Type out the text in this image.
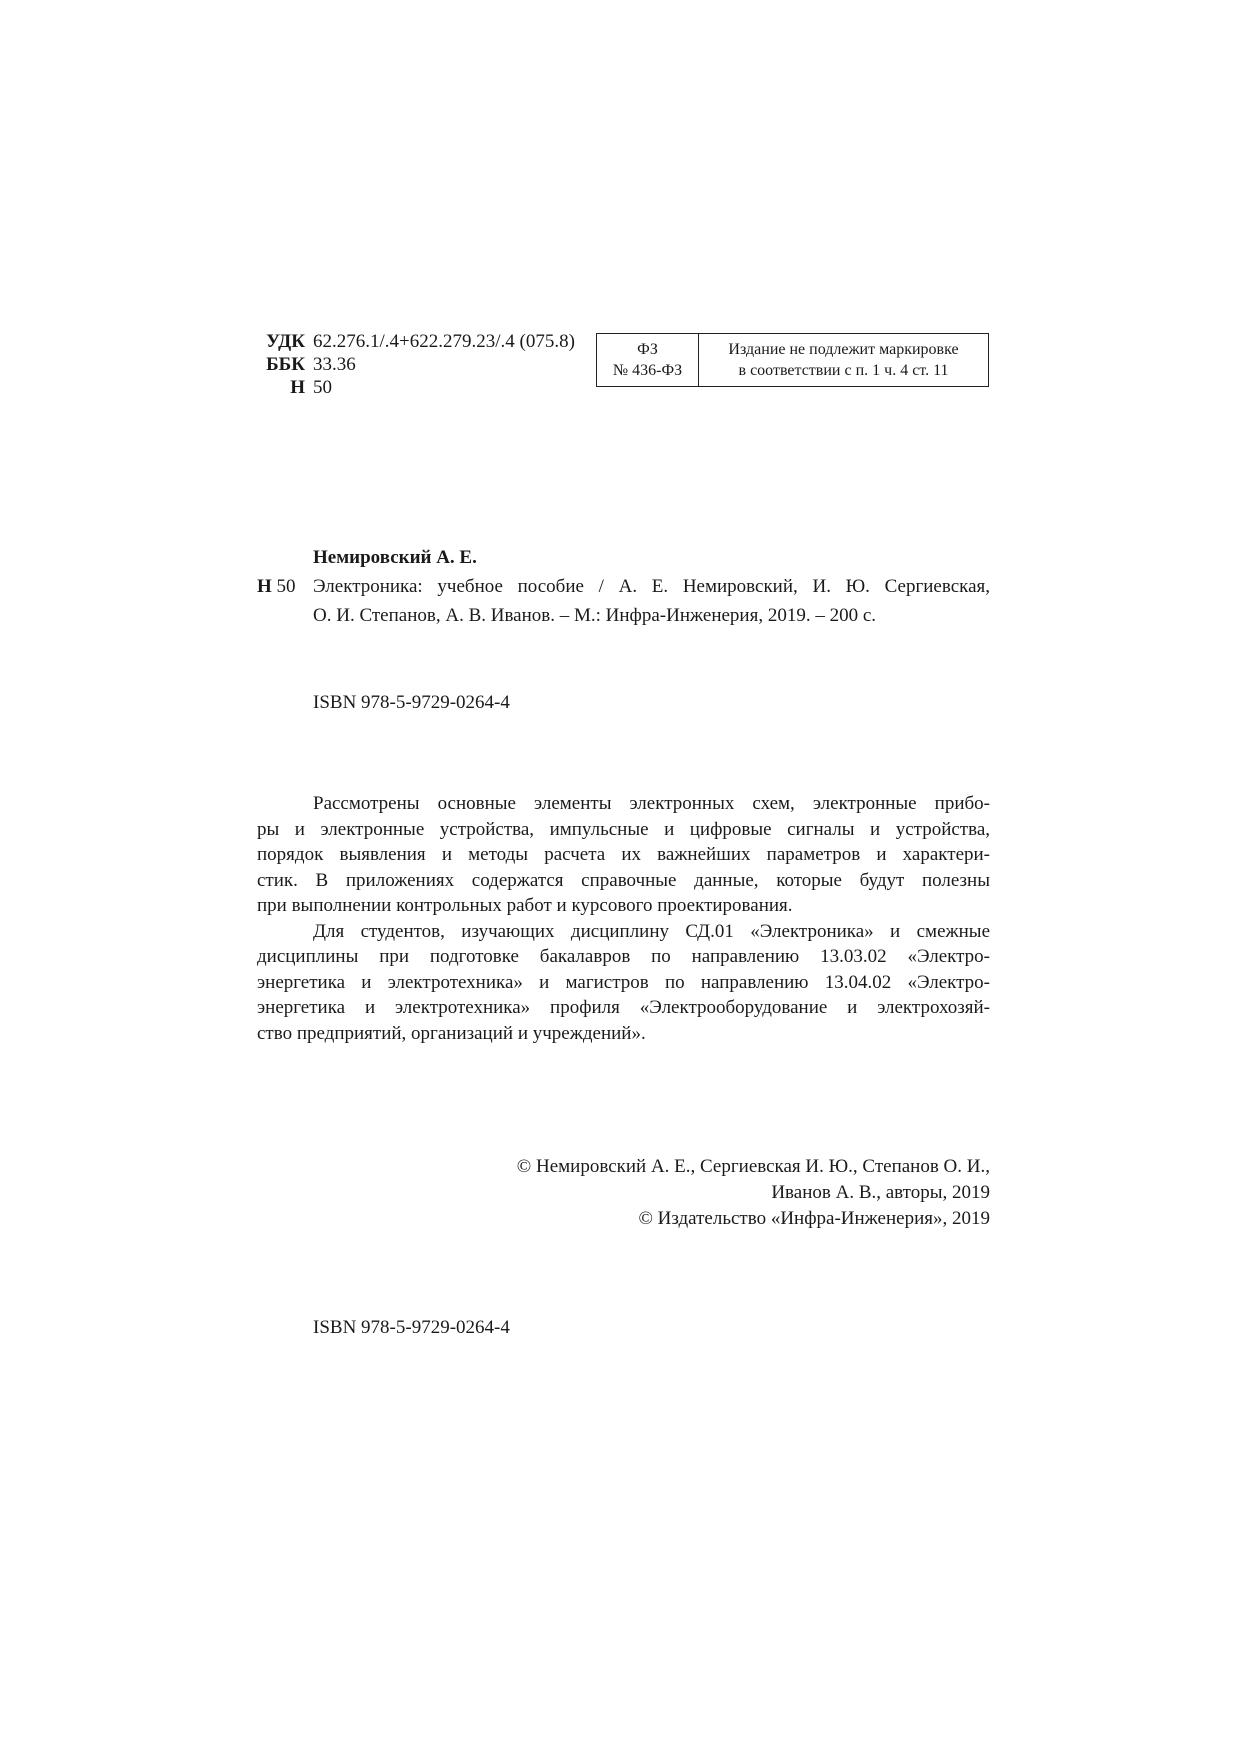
УДК 62.276.1/.4+622.279.23/.4 (075.8)
ББК 33.36
Н 50
ФЗ
№ 436-ФЗ
Издание не подлежит маркировке
в соответствии с п. 1 ч. 4 ст. 11
Немировский А. Е.
Н 50 Электроника: учебное пособие / А. Е. Немировский, И. Ю. Сергиевская,
О. И. Степанов, А. В. Иванов. – М.: Инфра-Инженерия, 2019. – 200 с.
ISBN 978-5-9729-0264-4
Рассмотрены основные элементы электронных схем, электронные прибо-
ры и электронные устройства, импульсные и цифровые сигналы и устройства,
порядок выявления и методы расчета их важнейших параметров и характери-
стик. В приложениях содержатся справочные данные, которые будут полезны
при выполнении контрольных работ и курсового проектирования.
Для студентов, изучающих дисциплину СД.01 «Электроника» и смежные
дисциплины при подготовке бакалавров по направлению 13.03.02 «Электро-
энергетика и электротехника» и магистров по направлению 13.04.02 «Электро-
энергетика и электротехника» профиля «Электрооборудование и электрохозяй-
ство предприятий, организаций и учреждений».
© Немировский А. Е., Сергиевская И. Ю., Степанов О. И.,
Иванов А. В., авторы, 2019
© Издательство «Инфра-Инженерия», 2019
ISBN 978-5-9729-0264-4
